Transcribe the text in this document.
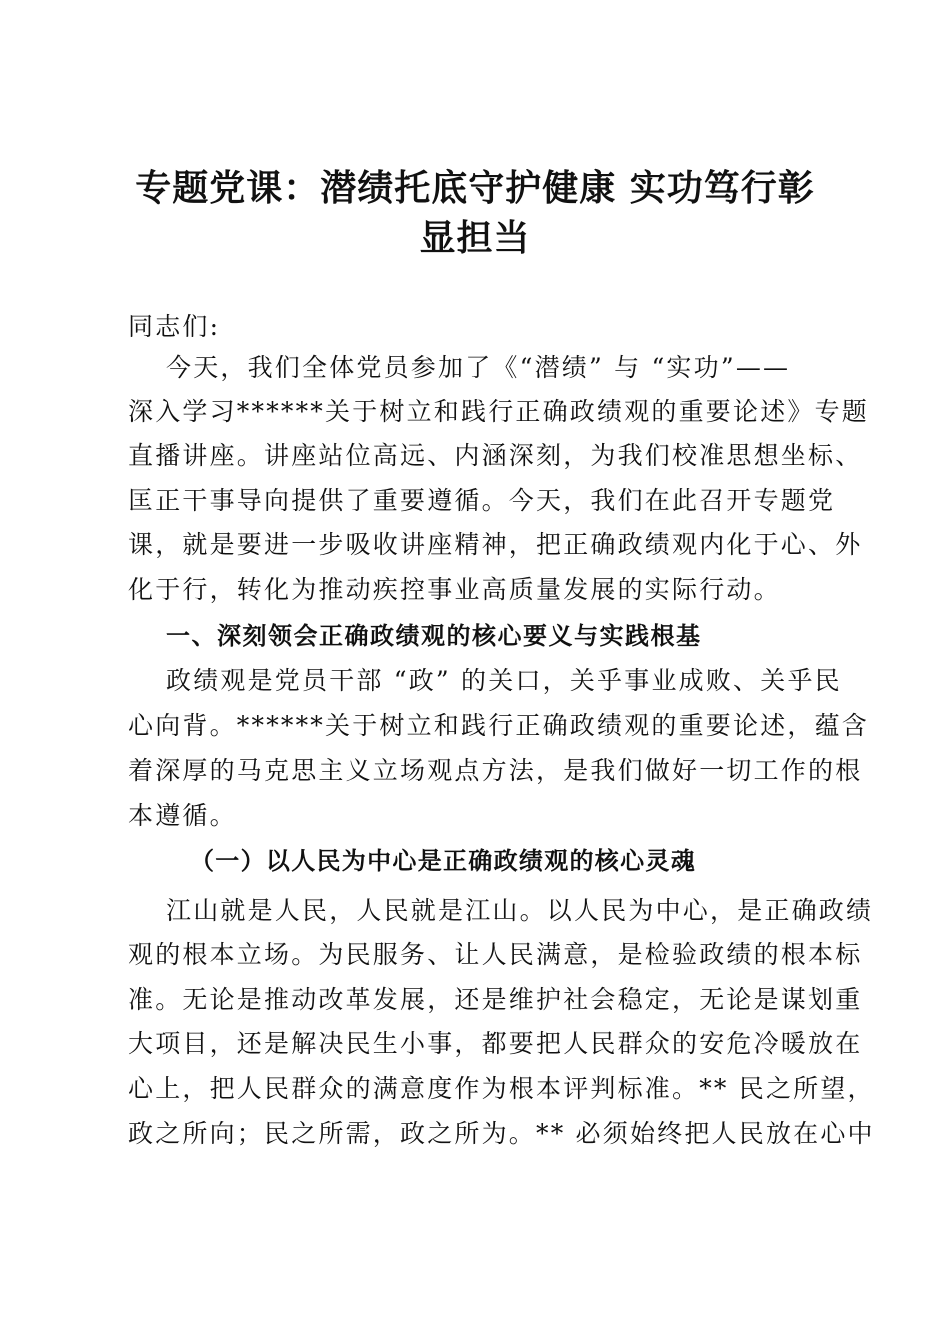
专题党课：潜绩托底守护健康 实功笃行彰显担当

同志们:

今天，我们全体党员参加了《“潜绩” 与 “实功”——

深入学习******关于树立和践行正确政绩观的重要论述》专题

直播讲座。讲座站位高远、内涵深刻，为我们校准思想坐标、

匡正干事导向提供了重要遵循。今天，我们在此召开专题党

课，就是要进一步吸收讲座精神，把正确政绩观内化于心、外

化于行，转化为推动疾控事业高质量发展的实际行动。

一、深刻领会正确政绩观的核心要义与实践根基

政绩观是党员干部 “政” 的关口，关乎事业成败、关乎民

心向背。******关于树立和践行正确政绩观的重要论述，蕴含

着深厚的马克思主义立场观点方法，是我们做好一切工作的根

本遵循。

（一）以人民为中心是正确政绩观的核心灵魂

江山就是人民，人民就是江山。以人民为中心，是正确政绩

观的根本立场。为民服务、让人民满意，是检验政绩的根本标

准。无论是推动改革发展，还是维护社会稳定，无论是谋划重

大项目，还是解决民生小事，都要把人民群众的安危冷暖放在

心上，把人民群众的满意度作为根本评判标准。** 民之所望，

政之所向；民之所需，政之所为。** 必须始终把人民放在心中
